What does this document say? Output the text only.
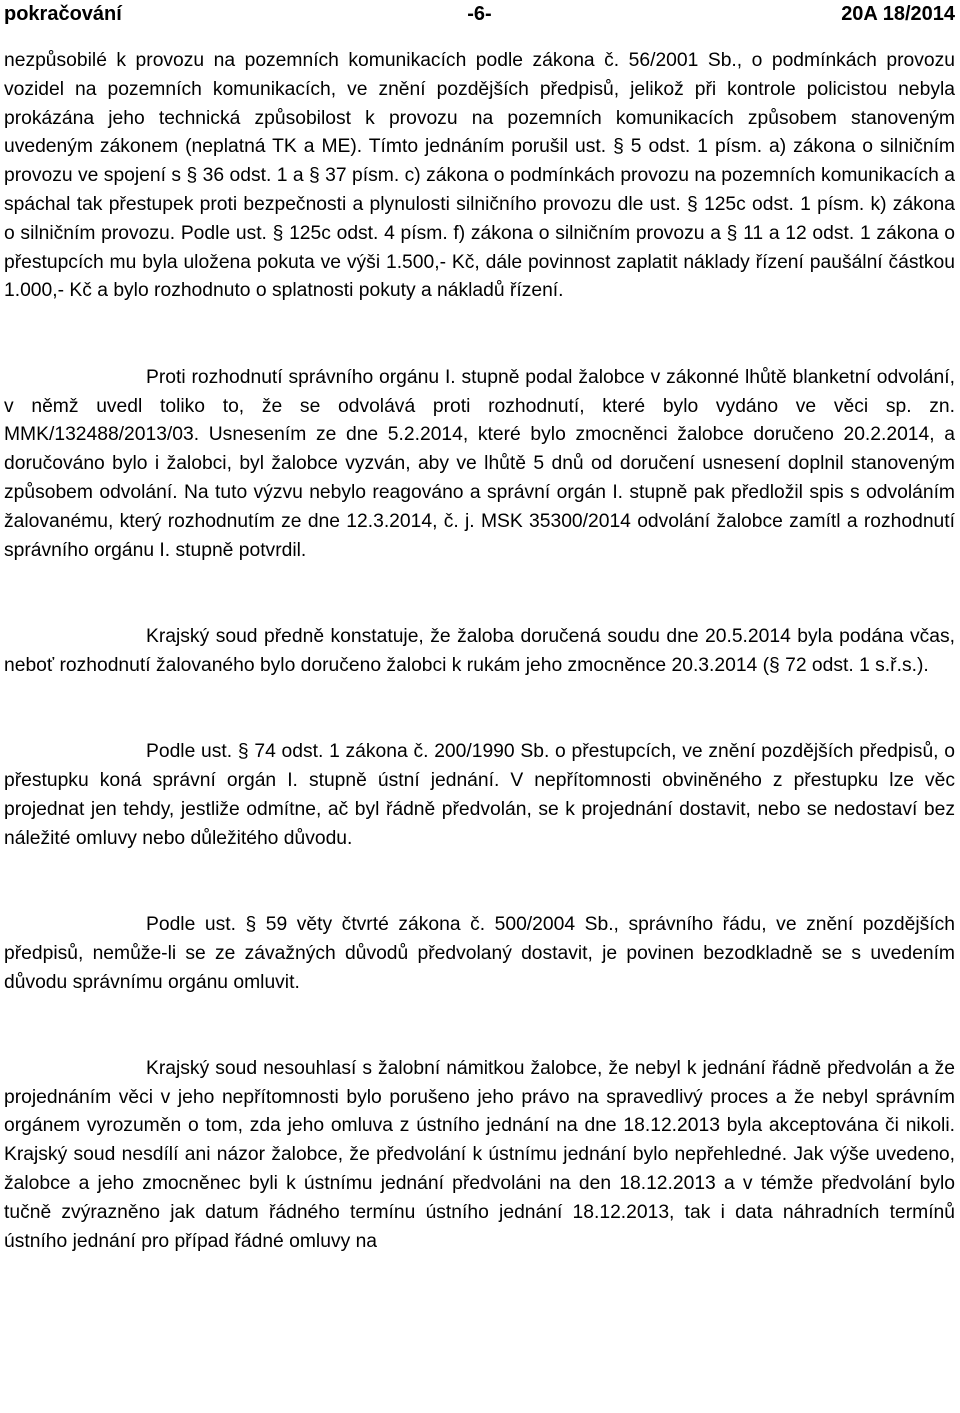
pokračování	-6-	20A 18/2014

nezpůsobilé k provozu na pozemních komunikacích podle zákona č. 56/2001 Sb., o podmínkách provozu vozidel na pozemních komunikacích, ve znění pozdějších předpisů, jelikož při kontrole policistou nebyla prokázána jeho technická způsobilost k provozu na pozemních komunikacích způsobem stanoveným uvedeným zákonem (neplatná TK a ME). Tímto jednáním porušil ust. § 5 odst. 1 písm. a) zákona o silničním provozu ve spojení s § 36 odst. 1 a § 37 písm. c) zákona o podmínkách provozu na pozemních komunikacích a spáchal tak přestupek proti bezpečnosti a plynulosti silničního provozu dle ust. § 125c odst. 1 písm. k) zákona o silničním provozu. Podle ust. § 125c odst. 4 písm. f) zákona o silničním provozu a § 11 a 12 odst. 1 zákona o přestupcích mu byla uložena pokuta ve výši 1.500,- Kč, dále povinnost zaplatit náklady řízení paušální částkou 1.000,- Kč a bylo rozhodnuto o splatnosti pokuty a nákladů řízení.

Proti rozhodnutí správního orgánu I. stupně podal žalobce v zákonné lhůtě blanketní odvolání, v němž uvedl toliko to, že se odvolává proti rozhodnutí, které bylo vydáno ve věci sp. zn. MMK/132488/2013/03. Usnesením ze dne 5.2.2014, které bylo zmocněnci žalobce doručeno 20.2.2014, a doručováno bylo i žalobci, byl žalobce vyzván, aby ve lhůtě 5 dnů od doručení usnesení doplnil stanoveným způsobem odvolání. Na tuto výzvu nebylo reagováno a správní orgán I. stupně pak předložil spis s odvoláním žalovanému, který rozhodnutím ze dne 12.3.2014, č. j. MSK 35300/2014 odvolání žalobce zamítl a rozhodnutí správního orgánu I. stupně potvrdil.

Krajský soud předně konstatuje, že žaloba doručená soudu dne 20.5.2014 byla podána včas, neboť rozhodnutí žalovaného bylo doručeno žalobci k rukám jeho zmocněnce 20.3.2014 (§ 72 odst. 1 s.ř.s.).

Podle ust. § 74 odst. 1 zákona č. 200/1990 Sb. o přestupcích, ve znění pozdějších předpisů, o přestupku koná správní orgán I. stupně ústní jednání. V nepřítomnosti obviněného z přestupku lze věc projednat jen tehdy, jestliže odmítne, ač byl řádně předvolán, se k projednání dostavit, nebo se nedostaví bez náležité omluvy nebo důležitého důvodu.

Podle ust. § 59 věty čtvrté zákona č. 500/2004 Sb., správního řádu, ve znění pozdějších předpisů, nemůže-li se ze závažných důvodů předvolaný dostavit, je povinen bezodkladně se s uvedením důvodu správnímu orgánu omluvit.

Krajský soud nesouhlasí s žalobní námitkou žalobce, že nebyl k jednání řádně předvolán a že projednáním věci v jeho nepřítomnosti bylo porušeno jeho právo na spravedlivý proces a že nebyl správním orgánem vyrozuměn o tom, zda jeho omluva z ústního jednání na dne 18.12.2013 byla akceptována či nikoli. Krajský soud nesdílí ani názor žalobce, že předvolání k ústnímu jednání bylo nepřehledné. Jak výše uvedeno, žalobce a jeho zmocněnec byli k ústnímu jednání předvoláni na den 18.12.2013 a v témže předvolání bylo tučně zvýrazněno jak datum řádného termínu ústního jednání 18.12.2013, tak i data náhradních termínů ústního jednání pro případ řádné omluvy na
